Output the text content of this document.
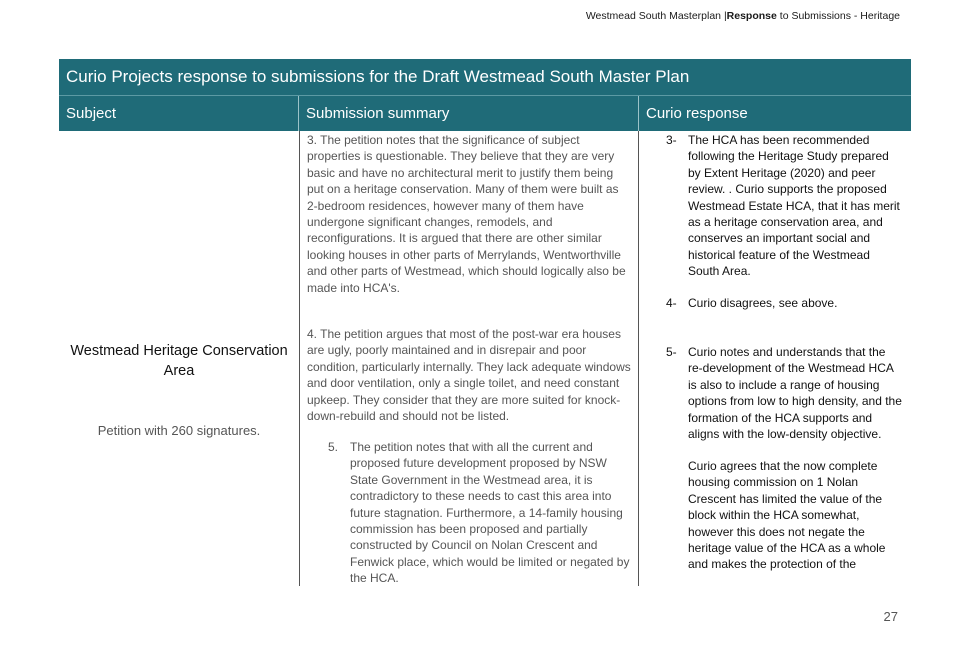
Westmead South Masterplan |Response to Submissions - Heritage
Curio Projects response to submissions for the Draft Westmead South Master Plan
Subject	Submission summary	Curio response
Westmead Heritage Conservation Area
Petition with 260 signatures.
3. The petition notes that the significance of subject properties is questionable. They believe that they are very basic and have no architectural merit to justify them being put on a heritage conservation. Many of them were built as 2-bedroom residences, however many of them have undergone significant changes, remodels, and reconfigurations. It is argued that there are other similar looking houses in other parts of Merrylands, Wentworthville and other parts of Westmead, which should logically also be made into HCA's.
4. The petition argues that most of the post-war era houses are ugly, poorly maintained and in disrepair and poor condition, particularly internally. They lack adequate windows and door ventilation, only a single toilet, and need constant upkeep. They consider that they are more suited for knock-down-rebuild and should not be listed.
5. The petition notes that with all the current and proposed future development proposed by NSW State Government in the Westmead area, it is contradictory to these needs to cast this area into future stagnation. Furthermore, a 14-family housing commission has been proposed and partially constructed by Council on Nolan Crescent and Fenwick place, which would be limited or negated by the HCA.
3- The HCA has been recommended following the Heritage Study prepared by Extent Heritage (2020) and peer review. . Curio supports the proposed Westmead Estate HCA, that it has merit as a heritage conservation area, and conserves an important social and historical feature of the Westmead South Area.
4- Curio disagrees, see above.
5- Curio notes and understands that the re-development of the Westmead HCA is also to include a range of housing options from low to high density, and the formation of the HCA supports and aligns with the low-density objective.
Curio agrees that the now complete housing commission on 1 Nolan Crescent has limited the value of the block within the HCA somewhat, however this does not negate the heritage value of the HCA as a whole and makes the protection of the
27
